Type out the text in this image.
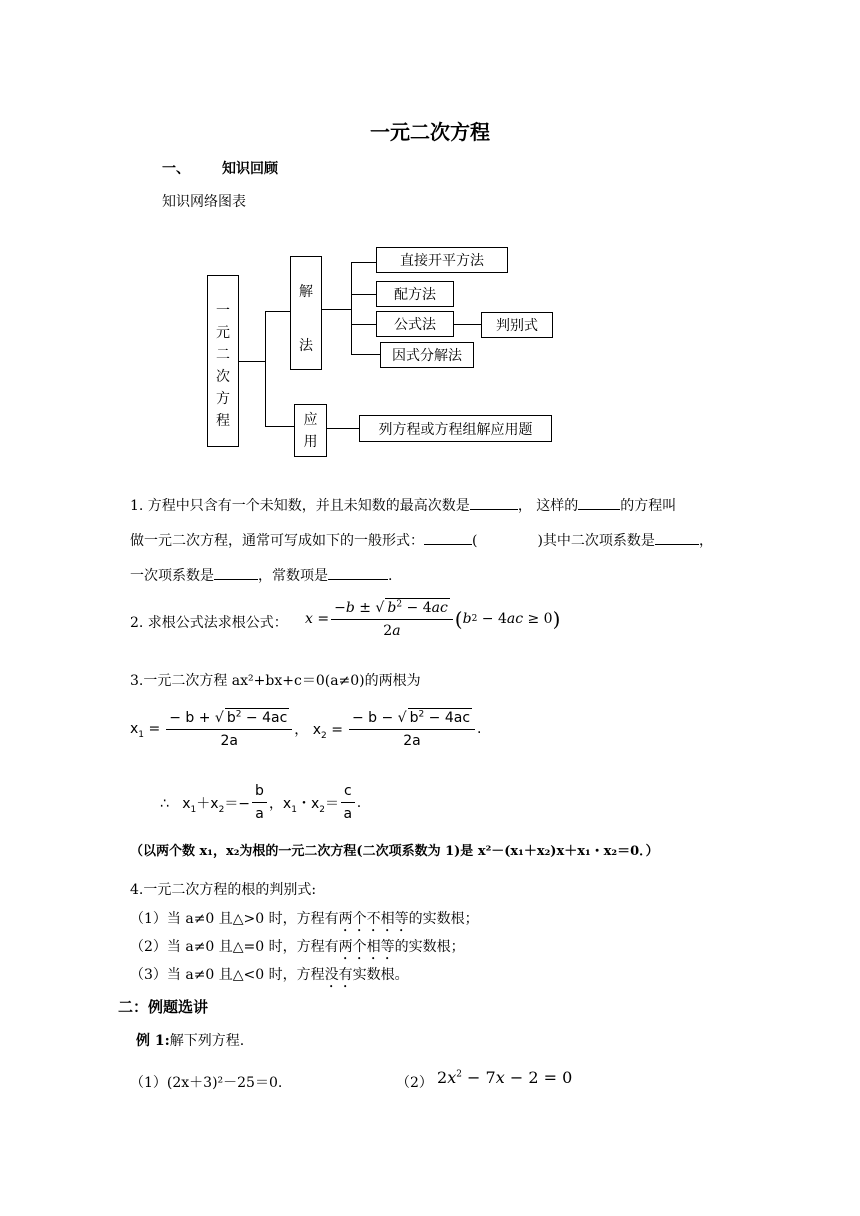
一元二次方程
一、 知识回顾
知识网络图表
一
元
二
次
方
程
解
法
应
用
直接开平方法
配方法
公式法
因式分解法
判别式
列方程或方程组解应用题
1. 方程中只含有一个未知数，并且未知数的最高次数是	， 这样的	的方程叫
做一元二次方程，通常可写成如下的一般形式：	(	)其中二次项系数是	，
一次项系数是	，常数项是	.
2. 求根公式法求根公式： $x = \frac{-b \pm √ b^2 - 4ac}{2a}$ ( b 2 − 4 ac ≥ 0 )
3.一元二次方程 ax²+bx+c＝0(a≠0)的两根为
$x_1 = \frac{- b + √ b^2 - 4ac}{2a}$ ， $x_2 = \frac{- b - √ b^2 - 4ac}{2a}$ .
∴   $x_1+x_2=- \frac{b}{a}$ ，$x_1$・$x_2= \frac{c}{a}$ .
（以两个数 x₁，x₂为根的一元二次方程(二次项系数为 1)是 x²－(x₁＋x₂)x＋x₁・x₂＝0．）
4.一元二次方程的根的判别式:
（1）当 a≠0 且△>0 时，方程有两个不相等的实数根；
（2）当 a≠0 且△=0 时，方程有两个相等的实数根；
（3）当 a≠0 且△<0 时，方程没有实数根。
二：例题选讲
例 1:解下列方程.
（1）(2x＋3)²－25＝0.	（2） $2x^2 - 7x - 2 = 0$
